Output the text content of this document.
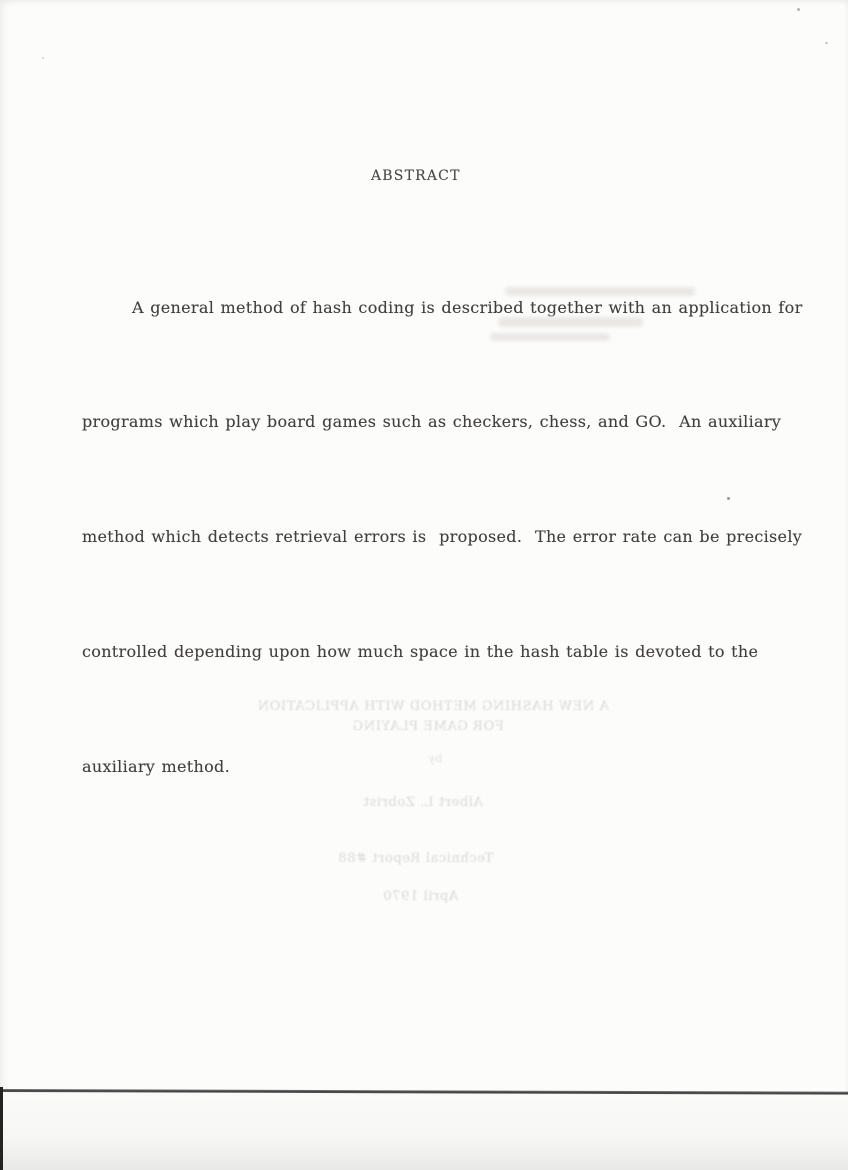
ABSTRACT

A general method of hash coding is described together with an application for

programs which play board games such as checkers, chess, and GO.  An auxiliary

method which detects retrieval errors is  proposed.  The error rate can be precisely

controlled depending upon how much space in the hash table is devoted to the

auxiliary method.

A NEW HASHING METHOD WITH APPLICATION
FOR GAME PLAYING
by
Albert L. Zobrist
Technical Report #88
April 1970
